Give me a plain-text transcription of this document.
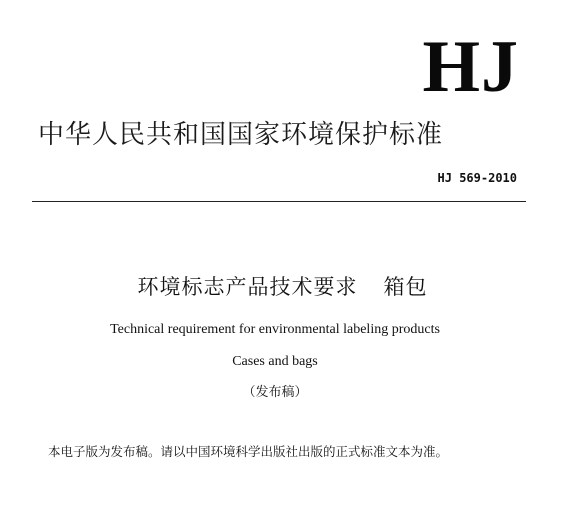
HJ
中华人民共和国国家环境保护标准
HJ 569-2010
环境标志产品技术要求 箱包
Technical requirement for environmental labeling products
Cases and bags
（发布稿）
本电子版为发布稿。请以中国环境科学出版社出版的正式标准文本为准。
